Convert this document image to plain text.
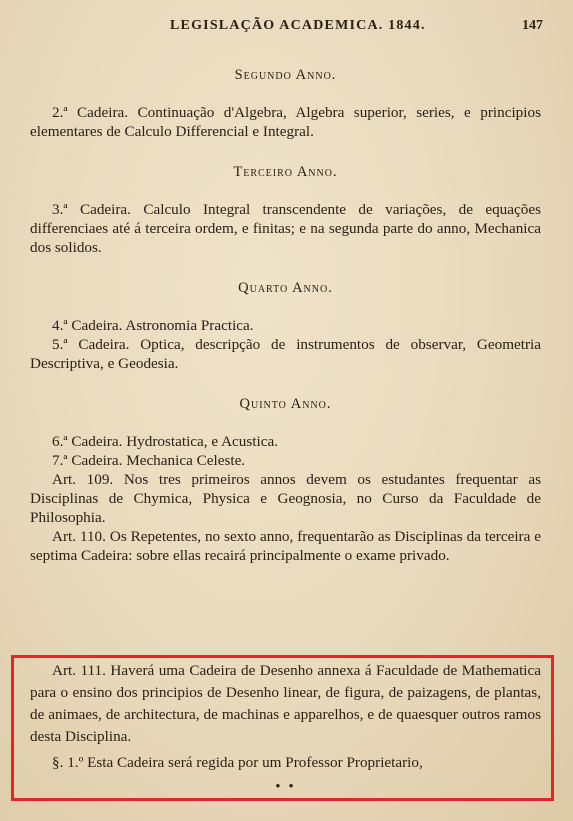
LEGISLAÇÃO ACADEMICA. 1844.	147
Segundo Anno.

2.ª Cadeira. Continuação d'Algebra, Algebra superior, series, e principios elementares de Calculo Differencial e Integral.

Terceiro Anno.

3.ª Cadeira. Calculo Integral transcendente de variações, de equações differenciaes até á terceira ordem, e finitas; e na segunda parte do anno, Mechanica dos solidos.

Quarto Anno.

4.ª Cadeira. Astronomia Practica.

5.ª Cadeira. Optica, descripção de instrumentos de observar, Geometria Descriptiva, e Geodesia.

Quinto Anno.

6.ª Cadeira. Hydrostatica, e Acustica.

7.ª Cadeira. Mechanica Celeste.

Art. 109. Nos tres primeiros annos devem os estudantes frequentar as Disciplinas de Chymica, Physica e Geognosia, no Curso da Faculdade de Philosophia.

Art. 110. Os Repetentes, no sexto anno, frequentarão as Disciplinas da terceira e septima Cadeira: sobre ellas recairá principalmente o exame privado.

Art. 111. Haverá uma Cadeira de Desenho annexa á Faculdade de Mathematica para o ensino dos principios de Desenho linear, de figura, de paizagens, de plantas, de animaes, de architectura, de machinas e apparelhos, e de quaesquer outros ramos desta Disciplina.

§. 1.º Esta Cadeira será regida por um Professor Proprietario,

• •
